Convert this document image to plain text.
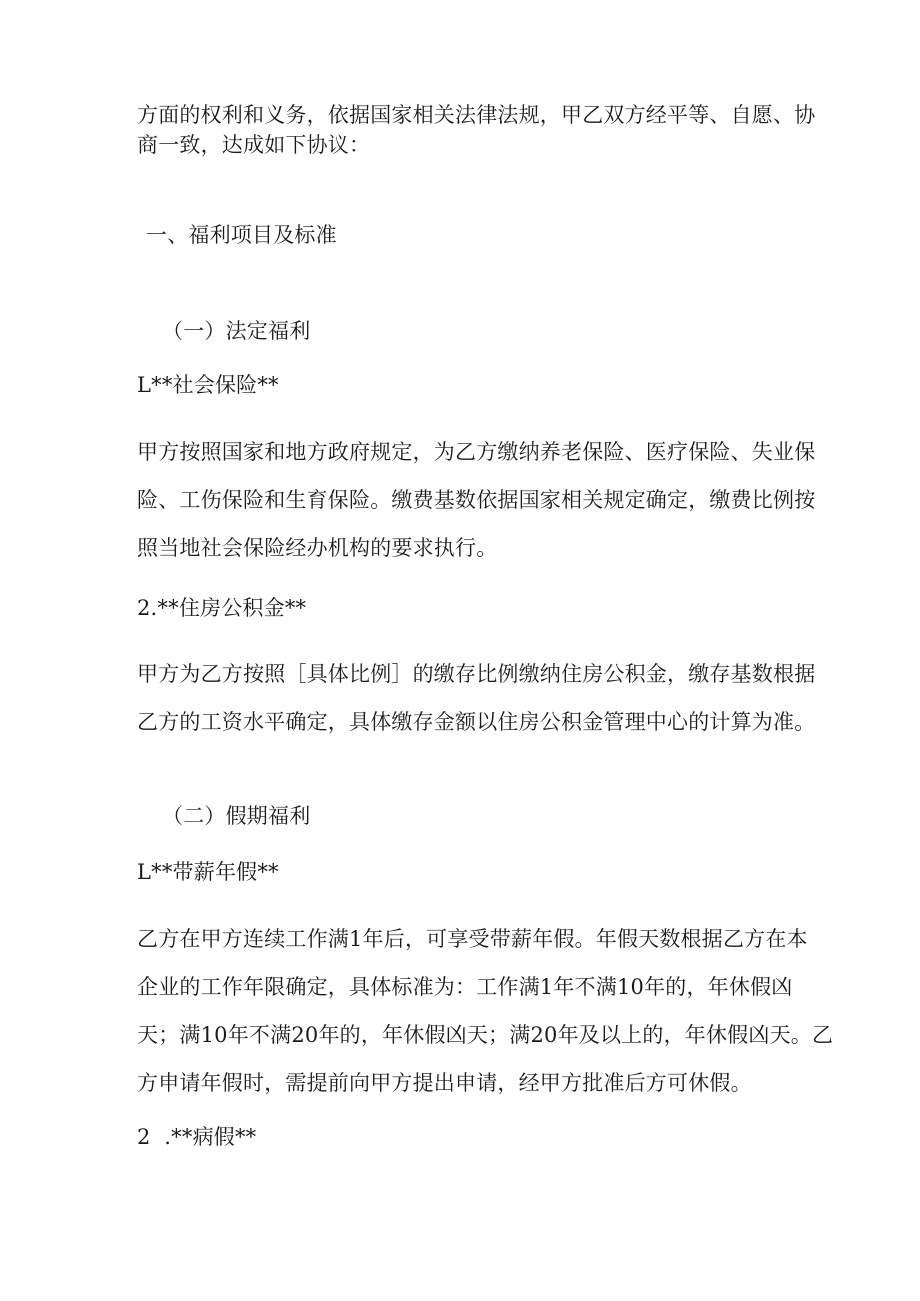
方面的权利和义务，依据国家相关法律法规，甲乙双方经平等、自愿、协
商一致，达成如下协议：
一、福利项目及标准
（一）法定福利
L**社会保险**
甲方按照国家和地方政府规定，为乙方缴纳养老保险、医疗保险、失业保
险、工伤保险和生育保险。缴费基数依据国家相关规定确定，缴费比例按
照当地社会保险经办机构的要求执行。
2.**住房公积金**
甲方为乙方按照［具体比例］的缴存比例缴纳住房公积金，缴存基数根据
乙方的工资水平确定，具体缴存金额以住房公积金管理中心的计算为准。
（二）假期福利
L**带薪年假**
乙方在甲方连续工作满1年后，可享受带薪年假。年假天数根据乙方在本
企业的工作年限确定，具体标准为：工作满1年不满10年的，年休假凶
天；满10年不满20年的，年休假凶天；满20年及以上的，年休假凶天。乙
方申请年假时，需提前向甲方提出申请，经甲方批准后方可休假。
2  .**病假**
